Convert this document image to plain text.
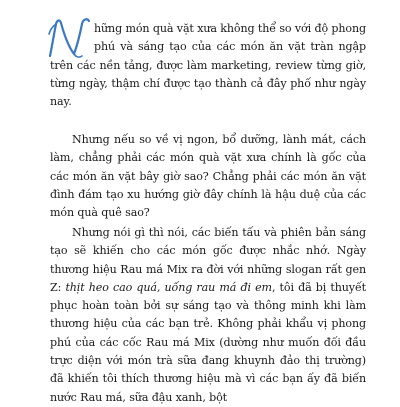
hững món quà vặt xưa không thể so với độ phong phú và sáng tạo của các món ăn vặt tràn ngập trên các nền tảng, được làm marketing, review từng giờ, từng ngày, thậm chí được tạo thành cả đây phố như ngày nay.

Nhưng nếu so về vị ngon, bổ dưỡng, lành mát, cách làm, chẳng phải các món quà vặt xưa chính là gốc của các món ăn vặt bây giờ sao? Chẳng phải các món ăn vặt đình đám tạo xu hướng giờ đây chính là hậu duệ của các món quà quê sao?

Nhưng nói gì thì nói, các biến tấu và phiên bản sáng tạo sẽ khiến cho các món gốc được nhắc nhớ. Ngày thương hiệu Rau má Mix ra đời với những slogan rất gen Z: thịt heo cao quá, uống rau má đi em, tôi đã bị thuyết phục hoàn toàn bởi sự sáng tạo và thông minh khi làm thương hiệu của các bạn trẻ. Không phải khẩu vị phong phú của các cốc Rau má Mix (dường như muốn đối đầu trực diện với món trà sữa đang khuynh đảo thị trường) đã khiến tôi thích thương hiệu mà vì các bạn ấy đã biến nước Rau má, sữa đậu xanh, bột
